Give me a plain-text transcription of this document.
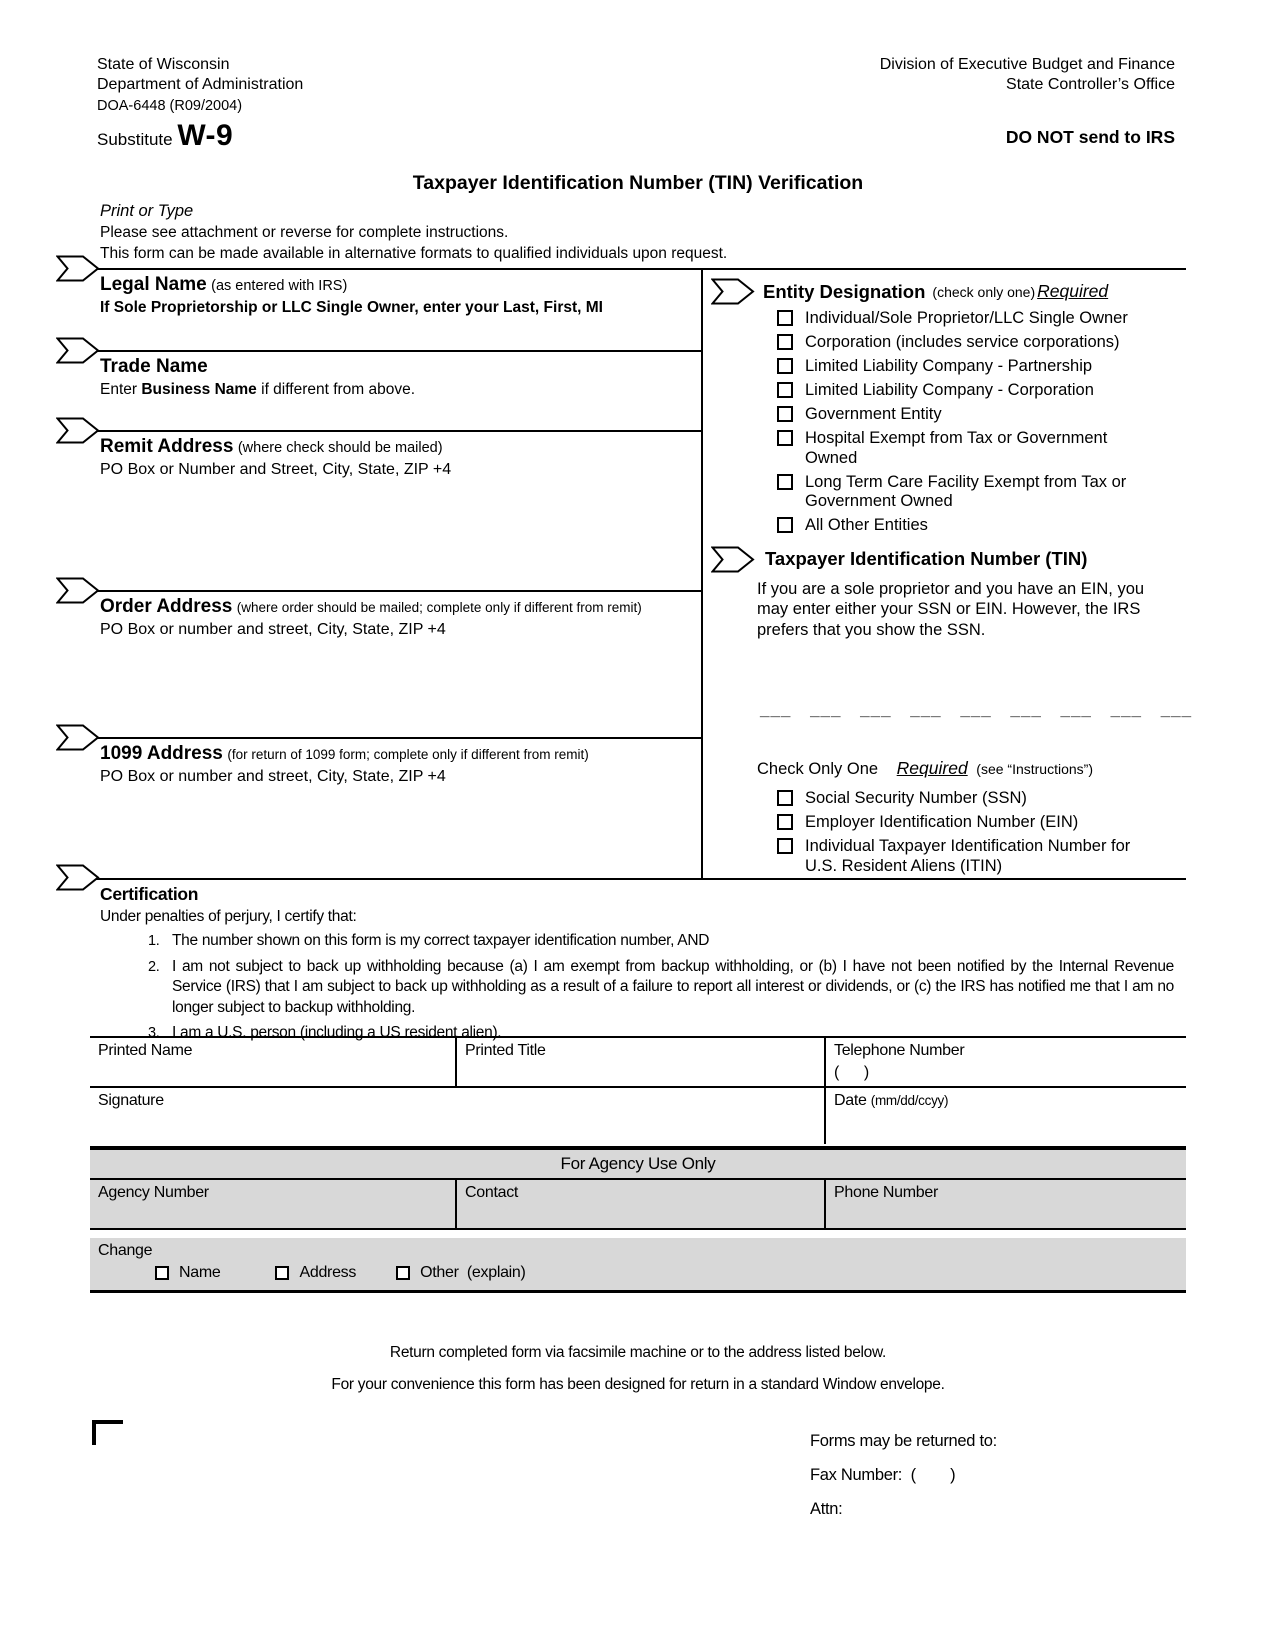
State of Wisconsin
Department of Administration
DOA-6448 (R09/2004)
Substitute W-9
Division of Executive Budget and Finance
State Controller’s Office
DO NOT send to IRS
Taxpayer Identification Number (TIN) Verification
Print or Type
Please see attachment or reverse for complete instructions.
This form can be made available in alternative formats to qualified individuals upon request.
Legal Name (as entered with IRS)
If Sole Proprietorship or LLC Single Owner, enter your Last, First, MI
Trade Name
Enter Business Name if different from above.
Remit Address (where check should be mailed)
PO Box or Number and Street, City, State, ZIP +4
Order Address (where order should be mailed; complete only if different from remit)
PO Box or number and street, City, State, ZIP +4
1099 Address (for return of 1099 form; complete only if different from remit)
PO Box or number and street, City, State, ZIP +4
Entity Designation (check only one) Required
Individual/Sole Proprietor/LLC Single Owner
Corporation (includes service corporations)
Limited Liability Company - Partnership
Limited Liability Company - Corporation
Government Entity
Hospital Exempt from Tax or Government Owned
Long Term Care Facility Exempt from Tax or Government Owned
All Other Entities
Taxpayer Identification Number (TIN)
If you are a sole proprietor and you have an EIN, you may enter either your SSN or EIN. However, the IRS prefers that you show the SSN.
___ ___ ___ ___ ___ ___ ___ ___ ___
Check Only One Required (see “Instructions”)
Social Security Number (SSN)
Employer Identification Number (EIN)
Individual Taxpayer Identification Number for U.S. Resident Aliens (ITIN)
Certification
Under penalties of perjury, I certify that:
1. The number shown on this form is my correct taxpayer identification number, AND
2. I am not subject to back up withholding because (a) I am exempt from backup withholding, or (b) I have not been notified by the Internal Revenue Service (IRS) that I am subject to back up withholding as a result of a failure to report all interest or dividends, or (c) the IRS has notified me that I am no longer subject to backup withholding.
3. I am a U.S. person (including a US resident alien).
Printed Name	Printed Title	Telephone Number
(      )
Signature	Date (mm/dd/ccyy)
For Agency Use Only
Agency Number	Contact	Phone Number
Change
Name	Address	Other  (explain)
Return completed form via facsimile machine or to the address listed below.
For your convenience this form has been designed for return in a standard Window envelope.
Forms may be returned to:
Fax Number:  (        )
Attn:
